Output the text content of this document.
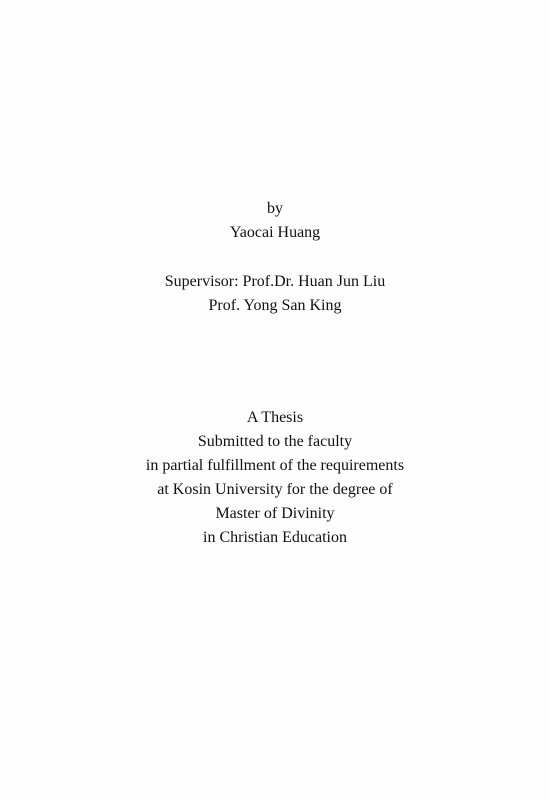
by
Yaocai Huang
Supervisor: Prof.Dr. Huan Jun Liu
Prof. Yong San King
A Thesis
Submitted to the faculty
in partial fulfillment of the requirements
at Kosin University for the degree of
Master of Divinity
in Christian Education
